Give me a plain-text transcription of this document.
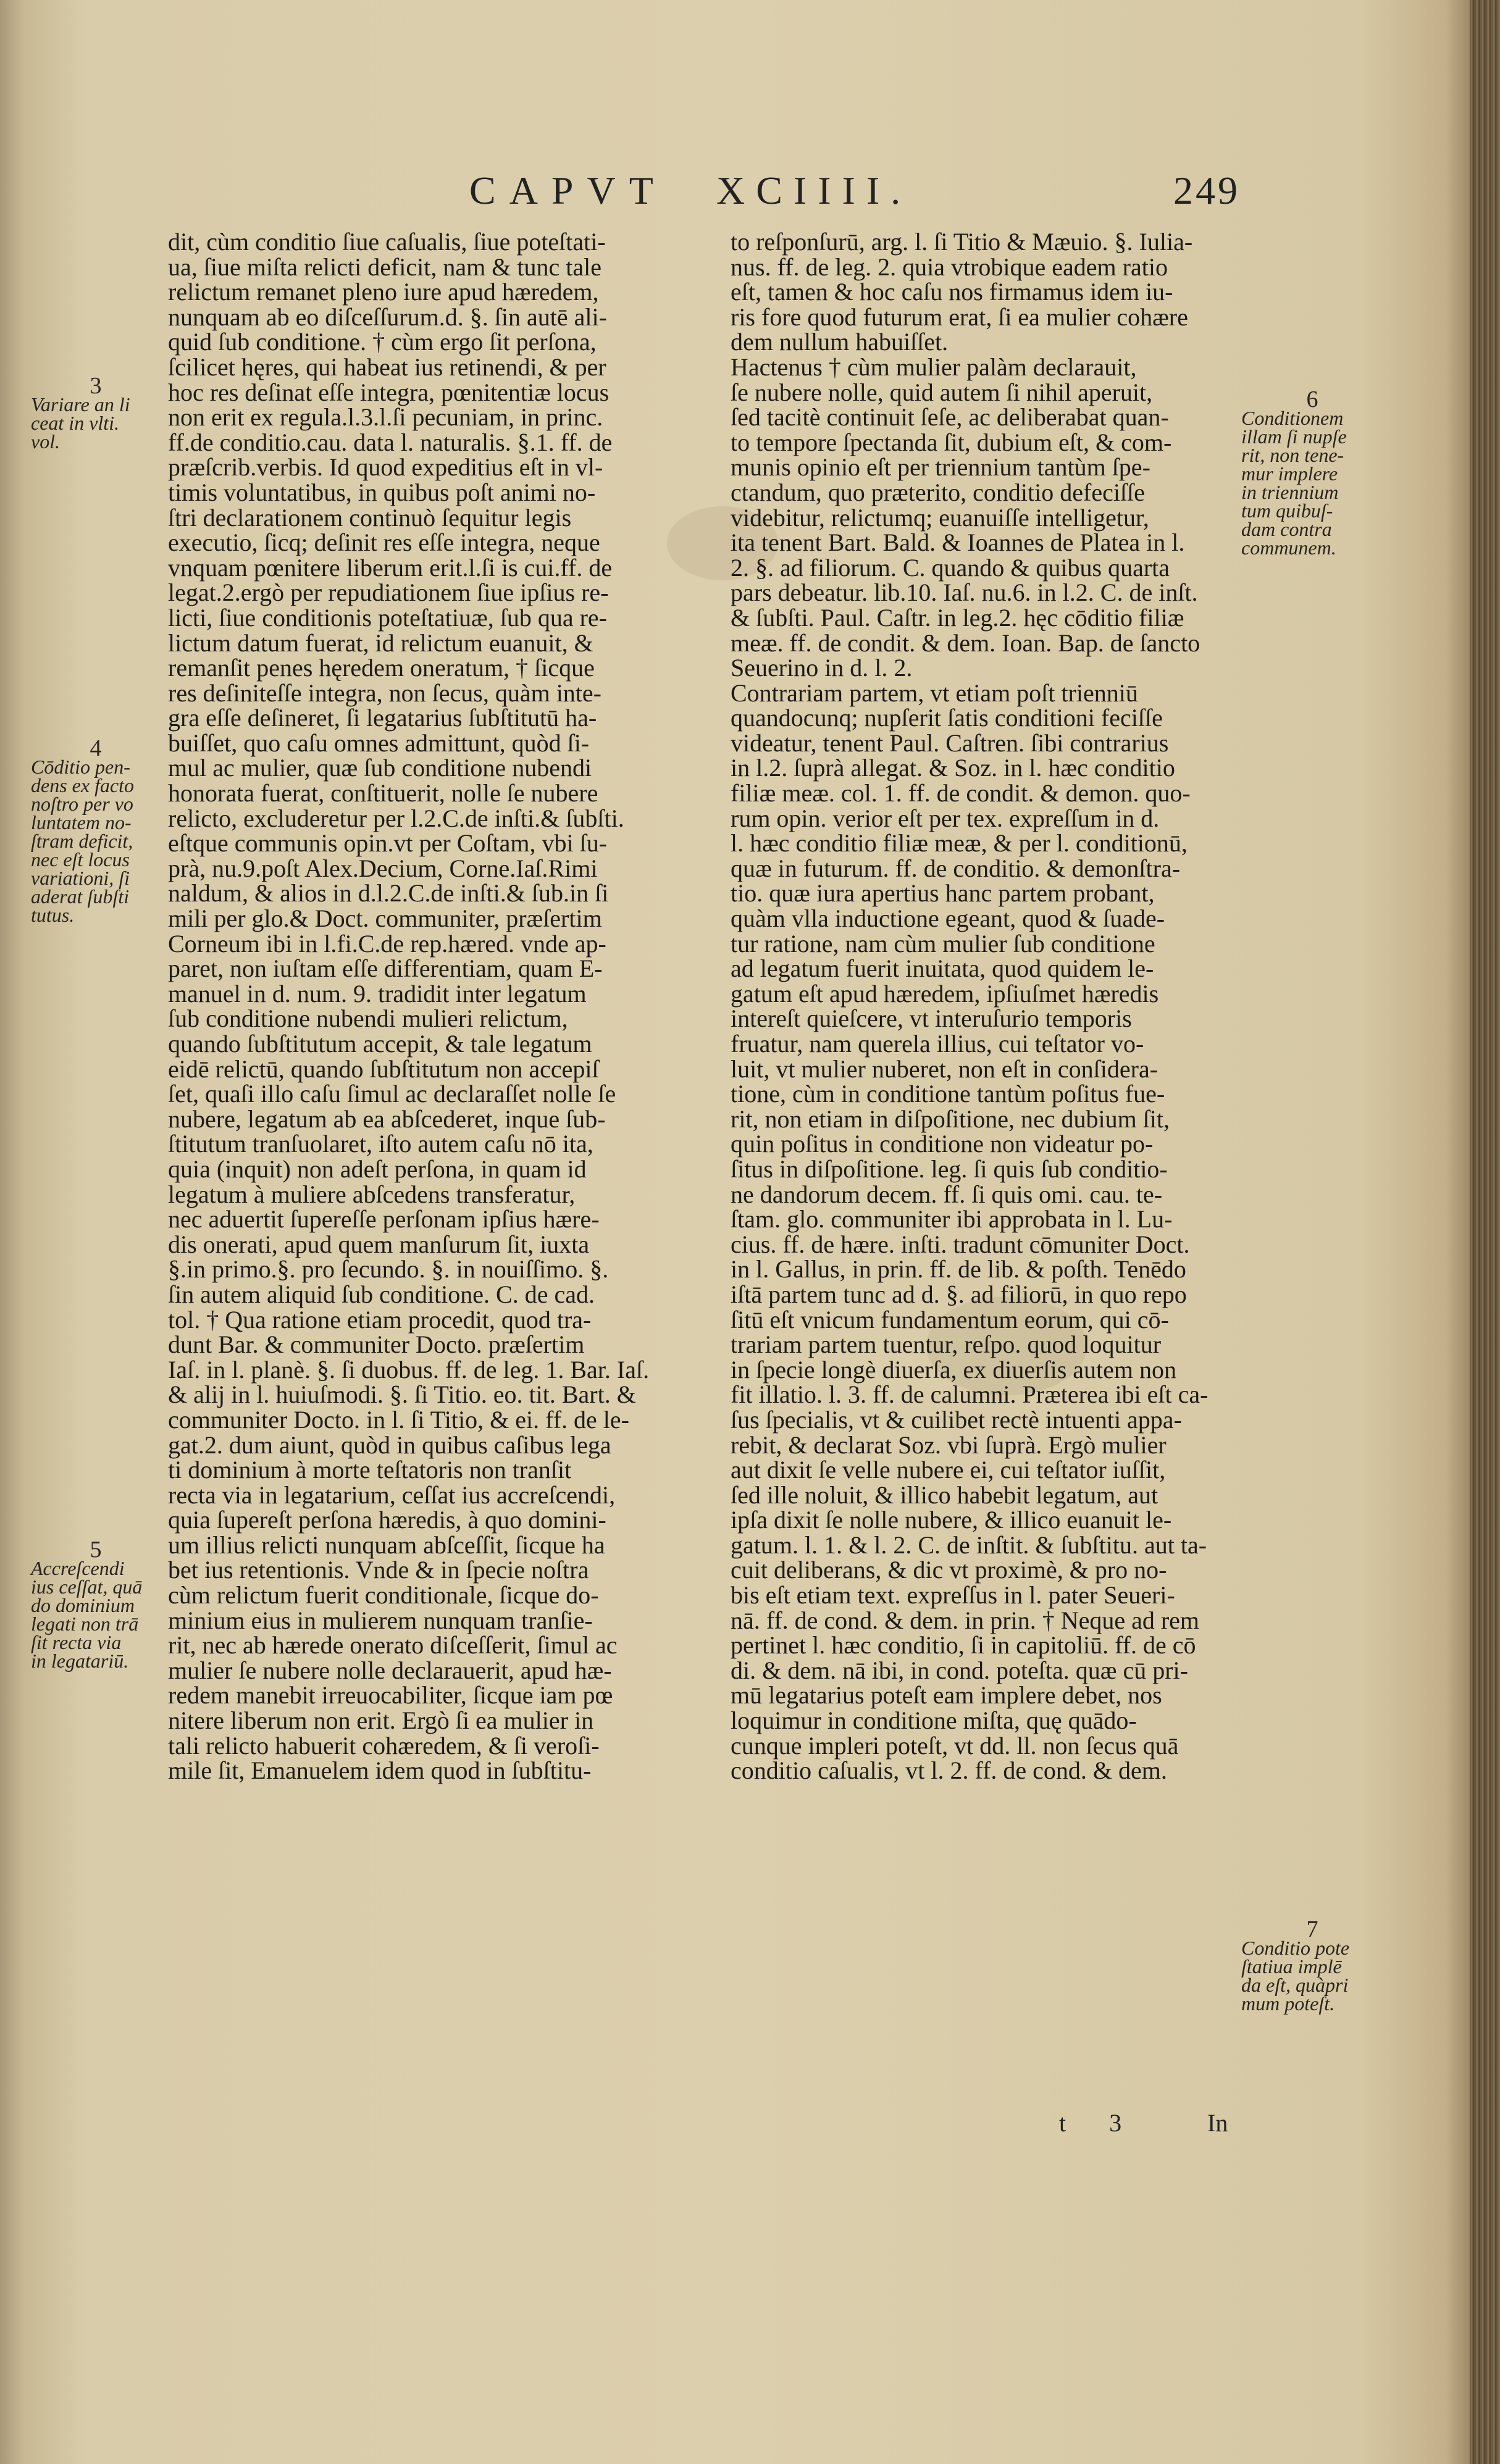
CAPVT XCIIII.	249
dit, cùm conditio ſiue caſualis, ſiue poteſtati-
ua, ſiue miſta relicti deficit, nam & tunc tale
relictum remanet pleno iure apud hæredem,
nunquam ab eo diſceſſurum.d. §. ſin autē ali-
quid ſub conditione. † cùm ergo ſit perſona,
ſcilicet hęres, qui habeat ius retinendi, & per
hoc res deſinat eſſe integra, pœnitentiæ locus
non erit ex regula.l.3.l.ſi pecuniam, in princ.
ff.de conditio.cau. data l. naturalis. §.1. ff. de
præſcrib.verbis. Id quod expeditius eſt in vl-
timis voluntatibus, in quibus poſt animi no-
ſtri declarationem continuò ſequitur legis
executio, ſicq; deſinit res eſſe integra, neque
vnquam pœnitere liberum erit.l.ſi is cui.ff. de
legat.2.ergò per repudiationem ſiue ipſius re-
licti, ſiue conditionis poteſtatiuæ, ſub qua re-
lictum datum fuerat, id relictum euanuit, &
remanſit penes hęredem oneratum, † ſicque
res deſiniteſſe integra, non ſecus, quàm inte-
gra eſſe deſineret, ſi legatarius ſubſtitutū ha-
buiſſet, quo caſu omnes admittunt, quòd ſi-
mul ac mulier, quæ ſub conditione nubendi
honorata fuerat, conſtituerit, nolle ſe nubere
relicto, excluderetur per l.2.C.de inſti.& ſubſti.
eſtque communis opin.vt per Coſtam, vbi ſu-
prà, nu.9.poſt Alex.Decium, Corne.Iaſ.Rimi
naldum, & alios in d.l.2.C.de inſti.& ſub.in ſi
mili per glo.& Doct. communiter, præſertim
Corneum ibi in l.fi.C.de rep.hæred. vnde ap-
paret, non iuſtam eſſe differentiam, quam E-
manuel in d. num. 9. tradidit inter legatum
ſub conditione nubendi mulieri relictum,
quando ſubſtitutum accepit, & tale legatum
eidē relictū, quando ſubſtitutum non accepiſ
ſet, quaſi illo caſu ſimul ac declaraſſet nolle ſe
nubere, legatum ab ea abſcederet, inque ſub-
ſtitutum tranſuolaret, iſto autem caſu nō ita,
quia (inquit) non adeſt perſona, in quam id
legatum à muliere abſcedens transferatur,
nec aduertit ſupereſſe perſonam ipſius hære-
dis onerati, apud quem manſurum ſit, iuxta
§.in primo.§. pro ſecundo. §. in nouiſſimo. §.
ſin autem aliquid ſub conditione. C. de cad.
tol. † Qua ratione etiam procedit, quod tra-
dunt Bar. & communiter Docto. præſertim
Iaſ. in l. planè. §. ſi duobus. ff. de leg. 1. Bar. Iaſ.
& alij in l. huiuſmodi. §. ſi Titio. eo. tit. Bart. &
communiter Docto. in l. ſi Titio, & ei. ff. de le-
gat.2. dum aiunt, quòd in quibus caſibus lega
ti dominium à morte teſtatoris non tranſit
recta via in legatarium, ceſſat ius accreſcendi,
quia ſupereſt perſona hæredis, à quo domini-
um illius relicti nunquam abſceſſit, ſicque ha
bet ius retentionis. Vnde & in ſpecie noſtra
cùm relictum fuerit conditionale, ſicque do-
minium eius in mulierem nunquam tranſie-
rit, nec ab hærede onerato diſceſſerit, ſimul ac
mulier ſe nubere nolle declarauerit, apud hæ-
redem manebit irreuocabiliter, ſicque iam pœ
nitere liberum non erit. Ergò ſi ea mulier in
tali relicto habuerit cohæredem, & ſi veroſi-
mile ſit, Emanuelem idem quod in ſubſtitu-
to reſponſurū, arg. l. ſi Titio & Mæuio. §. Iulia-
nus. ff. de leg. 2. quia vtrobique eadem ratio
eſt, tamen & hoc caſu nos firmamus idem iu-
ris fore quod futurum erat, ſi ea mulier cohære
dem nullum habuiſſet.
Hactenus † cùm mulier palàm declarauit,
ſe nubere nolle, quid autem ſi nihil aperuit,
ſed tacitè continuit ſeſe, ac deliberabat quan-
to tempore ſpectanda ſit, dubium eſt, & com-
munis opinio eſt per triennium tantùm ſpe-
ctandum, quo præterito, conditio defeciſſe
videbitur, relictumq; euanuiſſe intelligetur,
ita tenent Bart. Bald. & Ioannes de Platea in l.
2. §. ad filiorum. C. quando & quibus quarta
pars debeatur. lib.10. Iaſ. nu.6. in l.2. C. de inſt.
& ſubſti. Paul. Caſtr. in leg.2. hęc cōditio filiæ
meæ. ff. de condit. & dem. Ioan. Bap. de ſancto
Seuerino in d. l. 2.
Contrariam partem, vt etiam poſt trienniū
quandocunq; nupſerit ſatis conditioni feciſſe
videatur, tenent Paul. Caſtren. ſibi contrarius
in l.2. ſuprà allegat. & Soz. in l. hæc conditio
filiæ meæ. col. 1. ff. de condit. & demon. quo-
rum opin. verior eſt per tex. expreſſum in d.
l. hæc conditio filiæ meæ, & per l. conditionū,
quæ in futurum. ff. de conditio. & demonſtra-
tio. quæ iura apertius hanc partem probant,
quàm vlla inductione egeant, quod & ſuade-
tur ratione, nam cùm mulier ſub conditione
ad legatum fuerit inuitata, quod quidem le-
gatum eſt apud hæredem, ipſiuſmet hæredis
intereſt quieſcere, vt interuſurio temporis
fruatur, nam querela illius, cui teſtator vo-
luit, vt mulier nuberet, non eſt in conſidera-
tione, cùm in conditione tantùm poſitus fue-
rit, non etiam in diſpoſitione, nec dubium ſit,
quin poſitus in conditione non videatur po-
ſitus in diſpoſitione. leg. ſi quis ſub conditio-
ne dandorum decem. ff. ſi quis omi. cau. te-
ſtam. glo. communiter ibi approbata in l. Lu-
cius. ff. de hære. inſti. tradunt cōmuniter Doct.
in l. Gallus, in prin. ff. de lib. & poſth. Tenēdo
iſtā partem tunc ad d. §. ad filiorū, in quo repo
ſitū eſt vnicum fundamentum eorum, qui cō-
trariam partem tuentur, reſpo. quod loquitur
in ſpecie longè diuerſa, ex diuerſis autem non
fit illatio. l. 3. ff. de calumni. Præterea ibi eſt ca-
ſus ſpecialis, vt & cuilibet rectè intuenti appa-
rebit, & declarat Soz. vbi ſuprà. Ergò mulier
aut dixit ſe velle nubere ei, cui teſtator iuſſit,
ſed ille noluit, & illico habebit legatum, aut
ipſa dixit ſe nolle nubere, & illico euanuit le-
gatum. l. 1. & l. 2. C. de inſtit. & ſubſtitu. aut ta-
cuit deliberans, & dic vt proximè, & pro no-
bis eſt etiam text. expreſſus in l. pater Seueri-
nā. ff. de cond. & dem. in prin. † Neque ad rem
pertinet l. hæc conditio, ſi in capitoliū. ff. de cō
di. & dem. nā ibi, in cond. poteſta. quæ cū pri-
mū legatarius poteſt eam implere debet, nos
loquimur in conditione miſta, quę quādo-
cunque impleri poteſt, vt dd. ll. non ſecus quā
conditio caſualis, vt l. 2. ff. de cond. & dem.
3
Variare an li
ceat in vlti.
vol.
4
Cōditio pen-
dens ex facto
noſtro per vo
luntatem no-
ſtram deficit,
nec eſt locus
variationi, ſi
aderat ſubſti
tutus.
5
Accreſcendi
ius ceſſat, quā
do dominium
legati non trā
ſit recta via
in legatariū.
6
Conditionem
illam ſi nupſe
rit, non tene-
mur implere
in triennium
tum quibuſ-
dam contra
communem.
7
Conditio pote
ſtatiua implē
da eſt, quàpri
mum poteſt.
t 3	In
